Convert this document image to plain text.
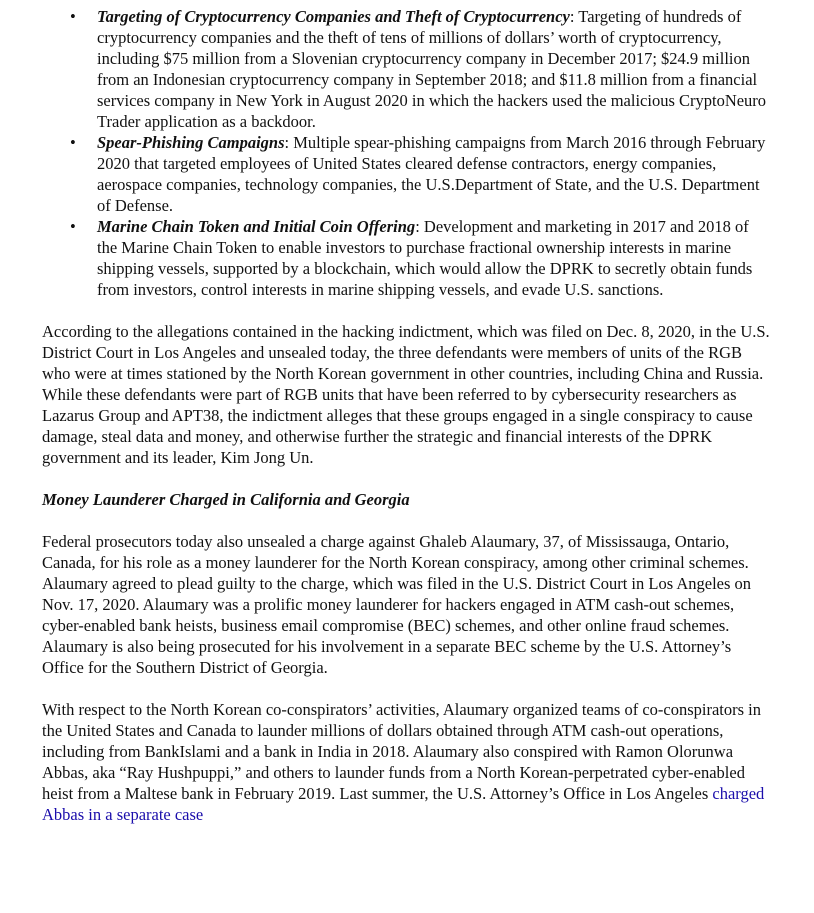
• Targeting of Cryptocurrency Companies and Theft of Cryptocurrency: Targeting of hundreds of cryptocurrency companies and the theft of tens of millions of dollars’ worth of cryptocurrency, including $75 million from a Slovenian cryptocurrency company in December 2017; $24.9 million from an Indonesian cryptocurrency company in September 2018; and $11.8 million from a financial services company in New York in August 2020 in which the hackers used the malicious CryptoNeuro Trader application as a backdoor.
• Spear-Phishing Campaigns: Multiple spear-phishing campaigns from March 2016 through February 2020 that targeted employees of United States cleared defense contractors, energy companies, aerospace companies, technology companies, the U.S.Department of State, and the U.S. Department of Defense.
• Marine Chain Token and Initial Coin Offering: Development and marketing in 2017 and 2018 of the Marine Chain Token to enable investors to purchase fractional ownership interests in marine shipping vessels, supported by a blockchain, which would allow the DPRK to secretly obtain funds from investors, control interests in marine shipping vessels, and evade U.S. sanctions.

According to the allegations contained in the hacking indictment, which was filed on Dec. 8, 2020, in the U.S. District Court in Los Angeles and unsealed today, the three defendants were members of units of the RGB who were at times stationed by the North Korean government in other countries, including China and Russia. While these defendants were part of RGB units that have been referred to by cybersecurity researchers as Lazarus Group and APT38, the indictment alleges that these groups engaged in a single conspiracy to cause damage, steal data and money, and otherwise further the strategic and financial interests of the DPRK government and its leader, Kim Jong Un.

Money Launderer Charged in California and Georgia

Federal prosecutors today also unsealed a charge against Ghaleb Alaumary, 37, of Mississauga, Ontario, Canada, for his role as a money launderer for the North Korean conspiracy, among other criminal schemes. Alaumary agreed to plead guilty to the charge, which was filed in the U.S. District Court in Los Angeles on Nov. 17, 2020. Alaumary was a prolific money launderer for hackers engaged in ATM cash-out schemes, cyber-enabled bank heists, business email compromise (BEC) schemes, and other online fraud schemes. Alaumary is also being prosecuted for his involvement in a separate BEC scheme by the U.S. Attorney’s Office for the Southern District of Georgia.

With respect to the North Korean co-conspirators’ activities, Alaumary organized teams of co-conspirators in the United States and Canada to launder millions of dollars obtained through ATM cash-out operations, including from BankIslami and a bank in India in 2018. Alaumary also conspired with Ramon Olorunwa Abbas, aka “Ray Hushpuppi,” and others to launder funds from a North Korean-perpetrated cyber-enabled heist from a Maltese bank in February 2019. Last summer, the U.S. Attorney’s Office in Los Angeles charged Abbas in a separate case
